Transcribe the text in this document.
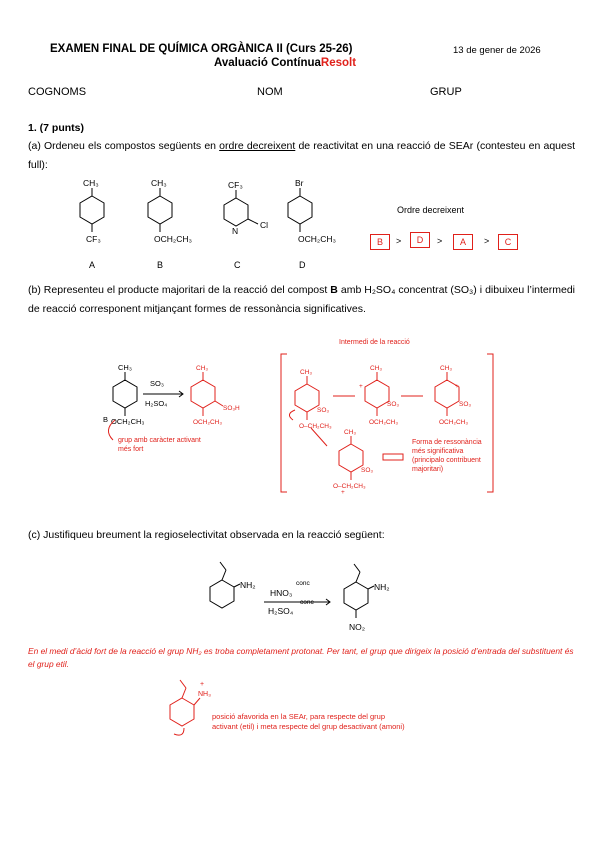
EXAMEN FINAL DE QUÍMICA ORGÀNICA II (Curs 25-26)
Avaluació ContínuaResolt
13 de gener de 2026
COGNOMS	NOM	GRUP
1. (7 punts)
(a) Ordeneu els compostos següents en ordre decreixent de reactivitat en una reacció de SEAr (contesteu en aquest full):
CH₃
CF₃
CH₃
OCH₂CH₃
CF₃
N
Cl
Br
OCH₂CH₃
A	B	C	D
Ordre decreixent
B	>	D	>	A	>	C
(b) Representeu el producte majoritari de la reacció del compost B amb H₂SO₄ concentrat (SO₃) i dibuixeu l’intermedi de reacció corresponent mitjançant formes de ressonància significatives.
Intermedi de la reacció
CH₃
B OCH₂CH₃
SO₃
H₂SO₄
CH₃
SO₃H
OCH₂CH₃
CH₃
SO₃
O–CH₂CH₃
CH₃
SO₃
OCH₂CH₃
CH₃
SO₃
OCH₂CH₃
CH₃
SO₃
O–CH₂CH₃
+	+
+
grup amb caràcter activant més fort
Forma de ressonància més significativa (principalo contribuent majoritari)
(c) Justifiqueu breument la regioselectivitat observada en la reacció següent:
NH₂	NH₂
NO₂
HNO₃
conc
H₂SO₄
conc
En el medi d’àcid fort de la reacció el grup NH₂ es troba completament protonat. Per tant, el grup que dirigeix la posició d’entrada del substituent és el grup etil.
NH₃
+
posició afavorida en la SEAr, para respecte del grup
activant (etil) i meta respecte del grup desactivant (amoni)
